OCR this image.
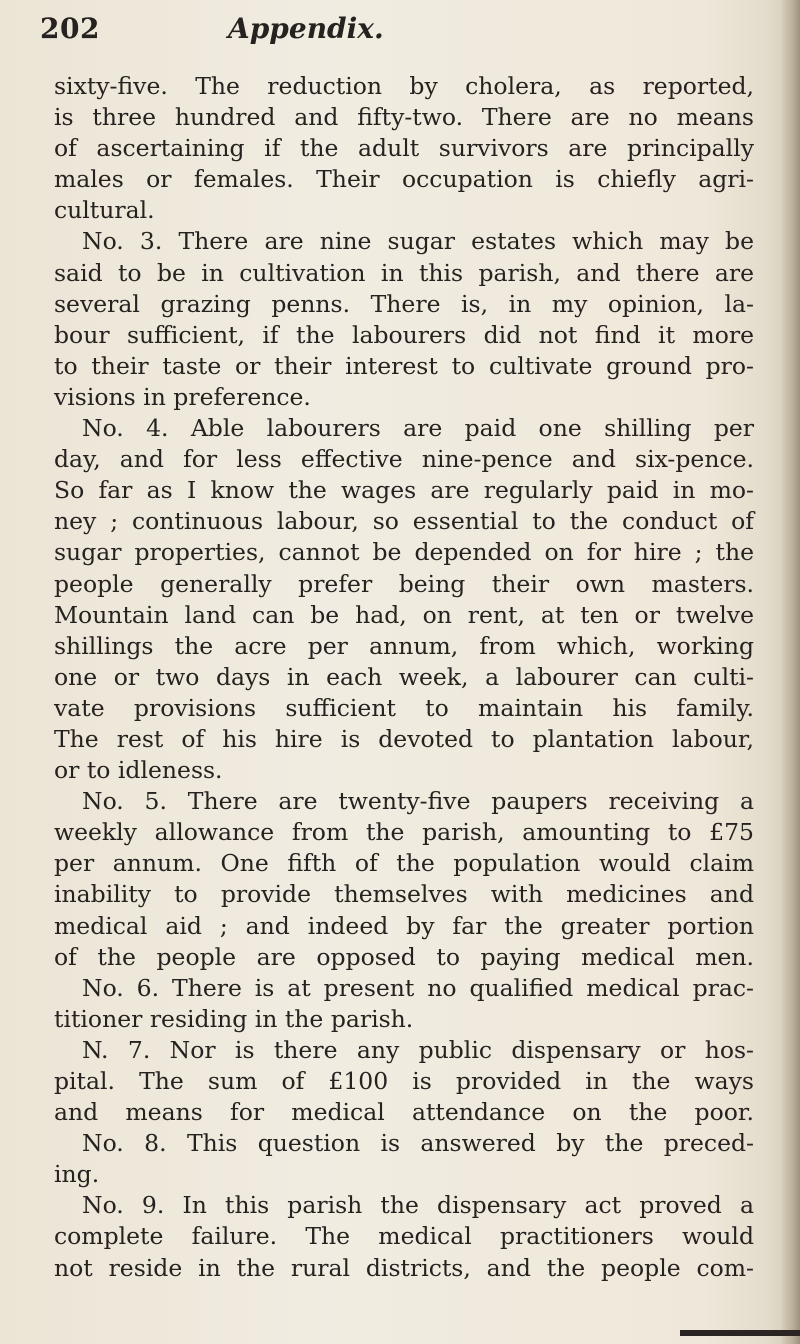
202	Appendix.
sixty-five. The reduction by cholera, as reported,
is three hundred and fifty-two. There are no means
of ascertaining if the adult survivors are principally
males or females. Their occupation is chiefly agri-
cultural.
No. 3. There are nine sugar estates which may be
said to be in cultivation in this parish, and there are
several grazing penns. There is, in my opinion, la-
bour sufficient, if the labourers did not find it more
to their taste or their interest to cultivate ground pro-
visions in preference.
No. 4. Able labourers are paid one shilling per
day, and for less effective nine-pence and six-pence.
So far as I know the wages are regularly paid in mo-
ney ; continuous labour, so essential to the conduct of
sugar properties, cannot be depended on for hire ; the
people generally prefer being their own masters.
Mountain land can be had, on rent, at ten or twelve
shillings the acre per annum, from which, working
one or two days in each week, a labourer can culti-
vate provisions sufficient to maintain his family.
The rest of his hire is devoted to plantation labour,
or to idleness.
No. 5. There are twenty-five paupers receiving a
weekly allowance from the parish, amounting to £75
per annum. One fifth of the population would claim
inability to provide themselves with medicines and
medical aid ; and indeed by far the greater portion
of the people are opposed to paying medical men.
No. 6. There is at present no qualified medical prac-
titioner residing in the parish.
N. 7. Nor is there any public dispensary or hos-
pital. The sum of £100 is provided in the ways
and means for medical attendance on the poor.
No. 8. This question is answered by the preced-
ing.
No. 9. In this parish the dispensary act proved a
complete failure. The medical practitioners would
not reside in the rural districts, and the people com-
